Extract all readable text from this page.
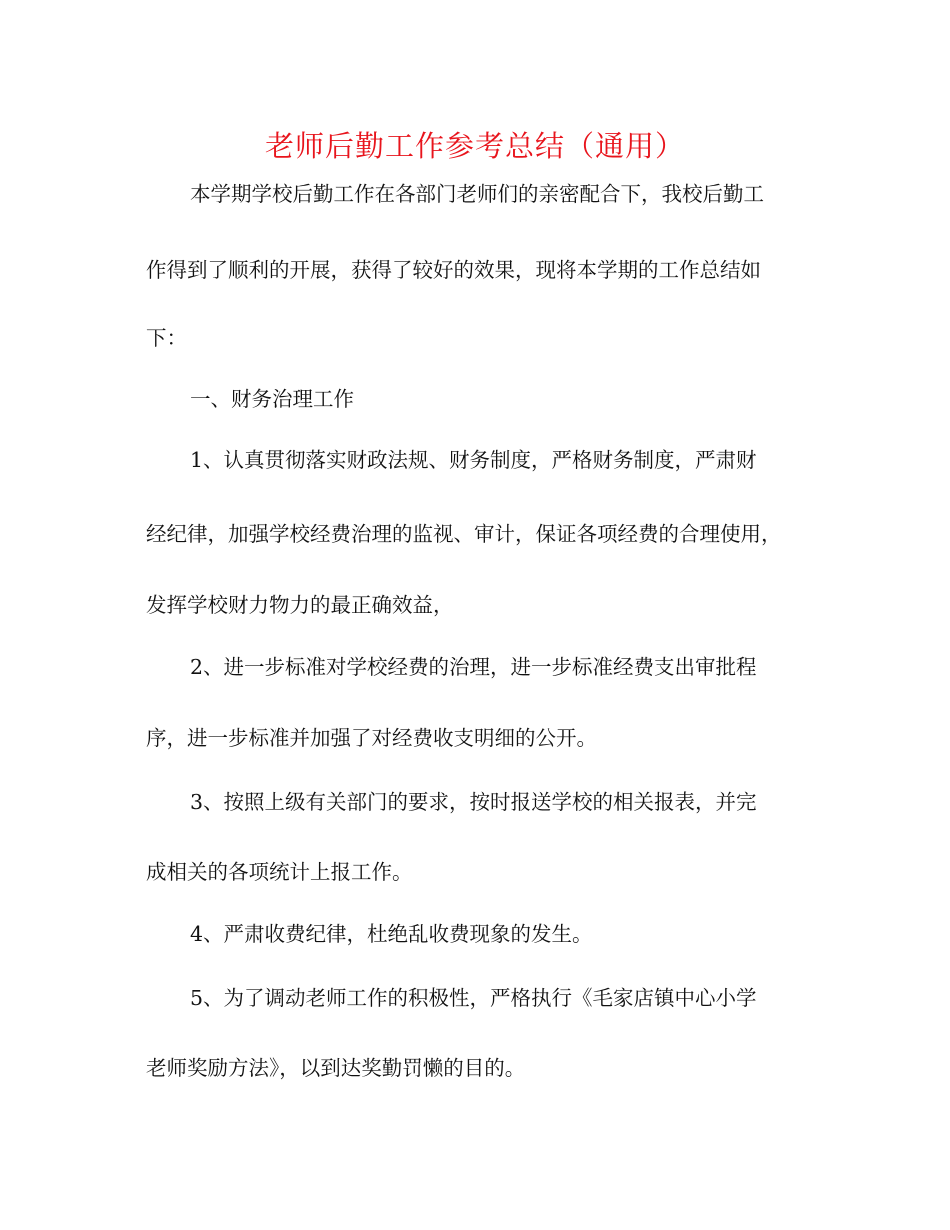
老师后勤工作参考总结（通用）
本学期学校后勤工作在各部门老师们的亲密配合下，我校后勤工
作得到了顺利的开展，获得了较好的效果，现将本学期的工作总结如
下：
一、财务治理工作
1、认真贯彻落实财政法规、财务制度，严格财务制度，严肃财
经纪律，加强学校经费治理的监视、审计，保证各项经费的合理使用，
发挥学校财力物力的最正确效益，
2、进一步标准对学校经费的治理，进一步标准经费支出审批程
序，进一步标准并加强了对经费收支明细的公开。
3、按照上级有关部门的要求，按时报送学校的相关报表，并完
成相关的各项统计上报工作。
4、严肃收费纪律，杜绝乱收费现象的发生。
5、为了调动老师工作的积极性，严格执行《毛家店镇中心小学
老师奖励方法》，以到达奖勤罚懒的目的。
